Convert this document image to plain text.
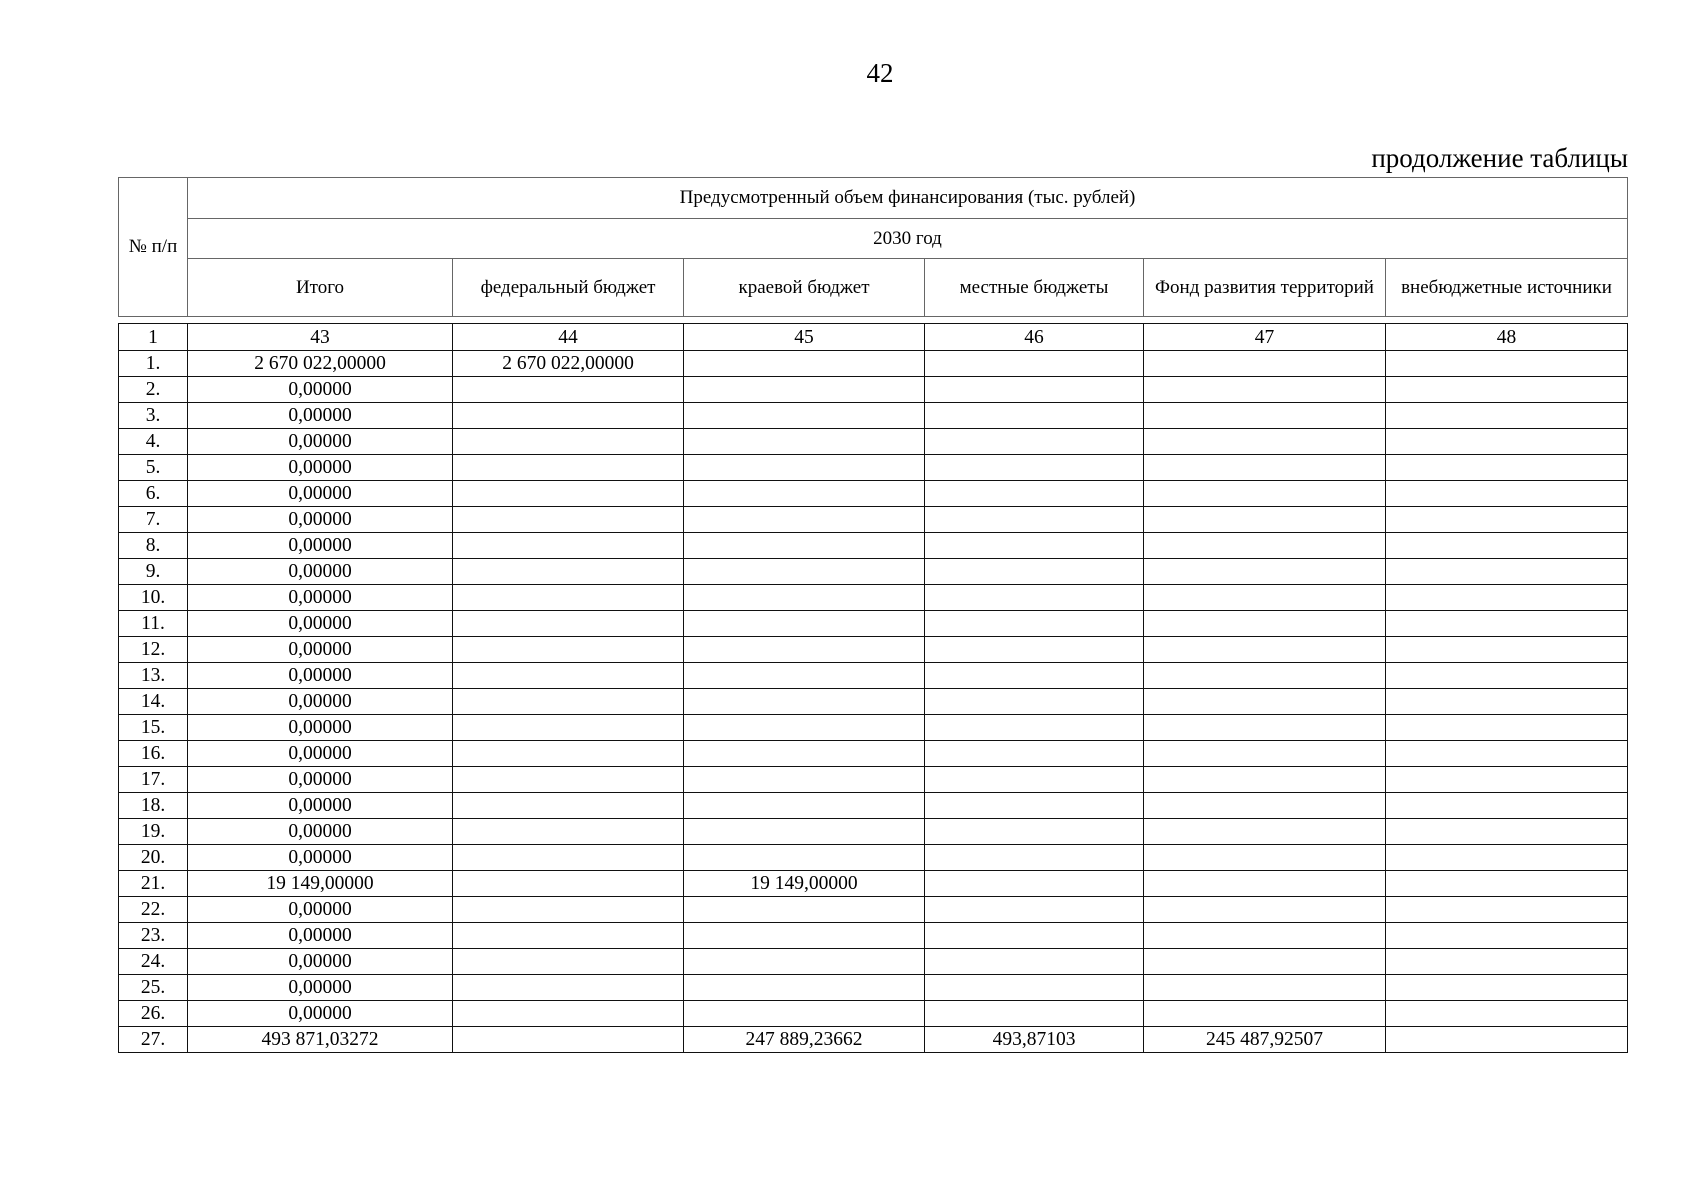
42
продолжение таблицы
№ п/п	Предусмотренный объем финансирования (тыс. рублей)					
	2030 год					
	Итого	федеральный бюджет	краевой бюджет	местные бюджеты	Фонд развития территорий	внебюджетные источники
1	43	44	45	46	47	48
1.	2 670 022,00000	2 670 022,00000				
2.	0,00000					
3.	0,00000					
4.	0,00000					
5.	0,00000					
6.	0,00000					
7.	0,00000					
8.	0,00000					
9.	0,00000					
10.	0,00000					
11.	0,00000					
12.	0,00000					
13.	0,00000					
14.	0,00000					
15.	0,00000					
16.	0,00000					
17.	0,00000					
18.	0,00000					
19.	0,00000					
20.	0,00000					
21.	19 149,00000		19 149,00000			
22.	0,00000					
23.	0,00000					
24.	0,00000					
25.	0,00000					
26.	0,00000					
27.	493 871,03272		247 889,23662	493,87103	245 487,92507	
